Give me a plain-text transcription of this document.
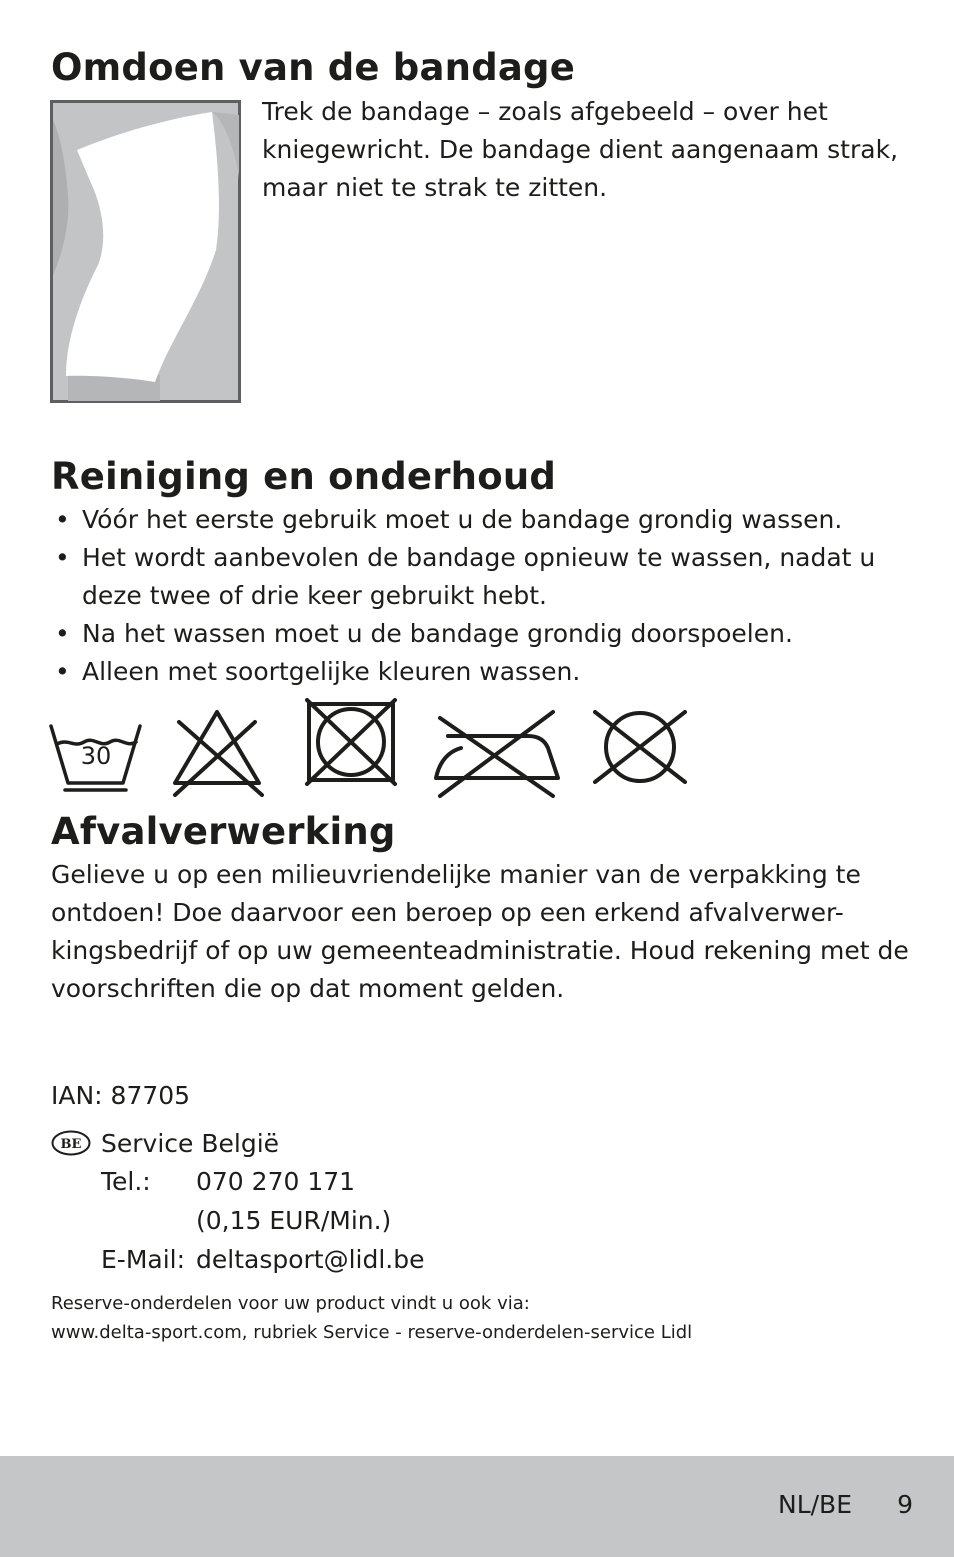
Omdoen van de bandage

Trek de bandage – zoals afgebeeld – over het
kniegewricht. De bandage dient aangenaam strak,
maar niet te strak te zitten.

Reiniging en onderhoud
• Vóór het eerste gebruik moet u de bandage grondig wassen.
• Het wordt aanbevolen de bandage opnieuw te wassen, nadat u
deze twee of drie keer gebruikt hebt.
• Na het wassen moet u de bandage grondig doorspoelen.
• Alleen met soortgelijke kleuren wassen.
30
Afvalverwerking

Gelieve u op een milieuvriendelijke manier van de verpakking te
ontdoen! Doe daarvoor een beroep op een erkend afvalverwer-
kingsbedrijf of op uw gemeenteadministratie. Houd rekening met de
voorschriften die op dat moment gelden.

IAN: 87705

BE Service België
Tel.: 070 270 171
(0,15 EUR/Min.)
E-Mail: deltasport@lidl.be

Reserve-onderdelen voor uw product vindt u ook via:
www.delta-sport.com, rubriek Service - reserve-onderdelen-service Lidl

NL/BE 9
